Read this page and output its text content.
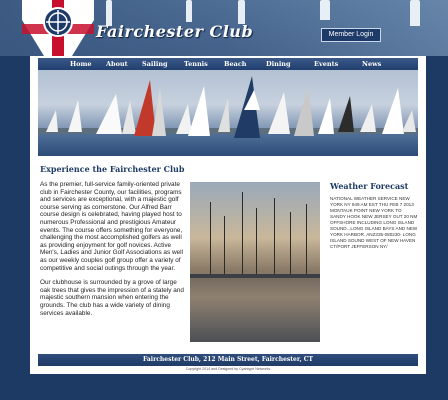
Fairchester Club	Member Login
Home About Sailing	Tennis Beach	Dining	Events	News
Experience the Fairchester Club

As the premier, full-service family-oriented private club in Fairchester County, our facilities, programs and services are exceptional, with a majestic golf course serving as cornerstone. Our Alfred Barr course design is celebrated, having played host to numerous Professional and prestigious Amateur events. The course offers something for everyone, challenging the most accomplished golfers as well as providing enjoyment for golf novices. Active Men's, Ladies and Junior Golf Associations as well as our weekly couples golf group offer a variety of competitive and social outings through the year.

Our clubhouse is surrounded by a grove of large oak trees that gives the impression of a stately and majestic southern mansion when entering the grounds. The club has a wide variety of dining services available.

Weather Forecast
NATIONAL WEATHER SERVICE NEW YORK NY 949 AM EST THU FEB 7 2013 MONTAUK POINT NEW YORK TO SANDY HOOK NEW JERSEY OUT 20 NM OFFSHORE INCLUDING LONG ISLAND SOUND...LONG ISLAND BAYS AND NEW YORK HARBOR. ANZ335-080230- LONG ISLAND SOUND WEST OF NEW HAVEN CT/PORT JEFFERSON NY/
Fairchester Club, 212 Main Street, Fairchester, CT
Copyright 2014 and Designed by Cyantype Networks
